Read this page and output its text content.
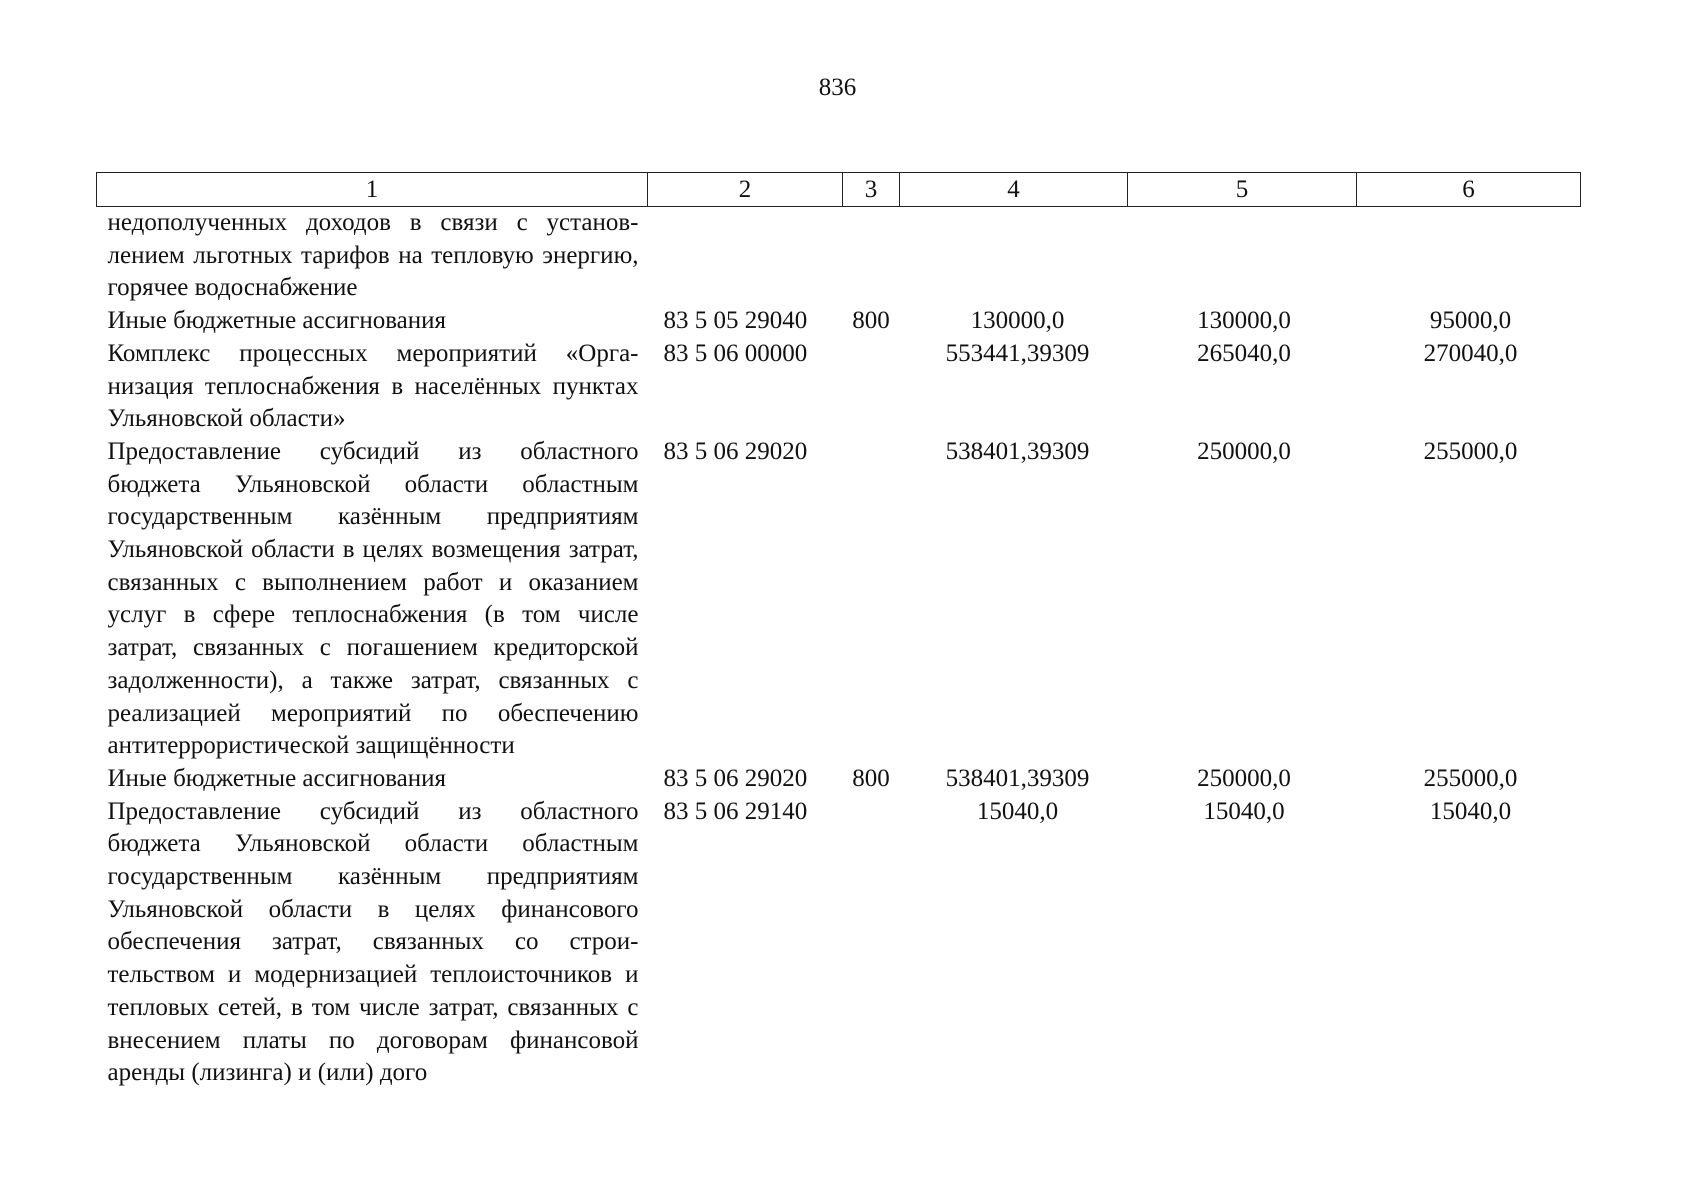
836
1	2	3	4	5	6
недополученных доходов в связи с установлением льготных тарифов на тепловую энергию, горячее водоснабжение					
Иные бюджетные ассигнования	83 5 05 29040	800	130000,0	130000,0	95000,0
Комплекс процессных мероприятий «Организация теплоснабжения в населённых пунктах Ульяновской области»	83 5 06 00000		553441,39309	265040,0	270040,0
Предоставление субсидий из областного бюджета Ульяновской области областным государственным казённым предприятиям Ульяновской области в целях возмещения затрат, связанных с выполнением работ и оказанием услуг в сфере теплоснабжения (в том числе затрат, связанных с погашением кредиторской задолженности), а также затрат, связанных с реализацией мероприятий по обеспечению антитеррористической защищённости	83 5 06 29020		538401,39309	250000,0	255000,0
Иные бюджетные ассигнования	83 5 06 29020	800	538401,39309	250000,0	255000,0
Предоставление субсидий из областного бюджета Ульяновской области областным государственным казённым предприятиям Ульяновской области в целях финансового обеспечения затрат, связанных со строительством и модернизацией теплоисточников и тепловых сетей, в том числе затрат, связанных с внесением платы по договорам финансовой аренды (лизинга) и (или) дого	83 5 06 29140		15040,0	15040,0	15040,0
